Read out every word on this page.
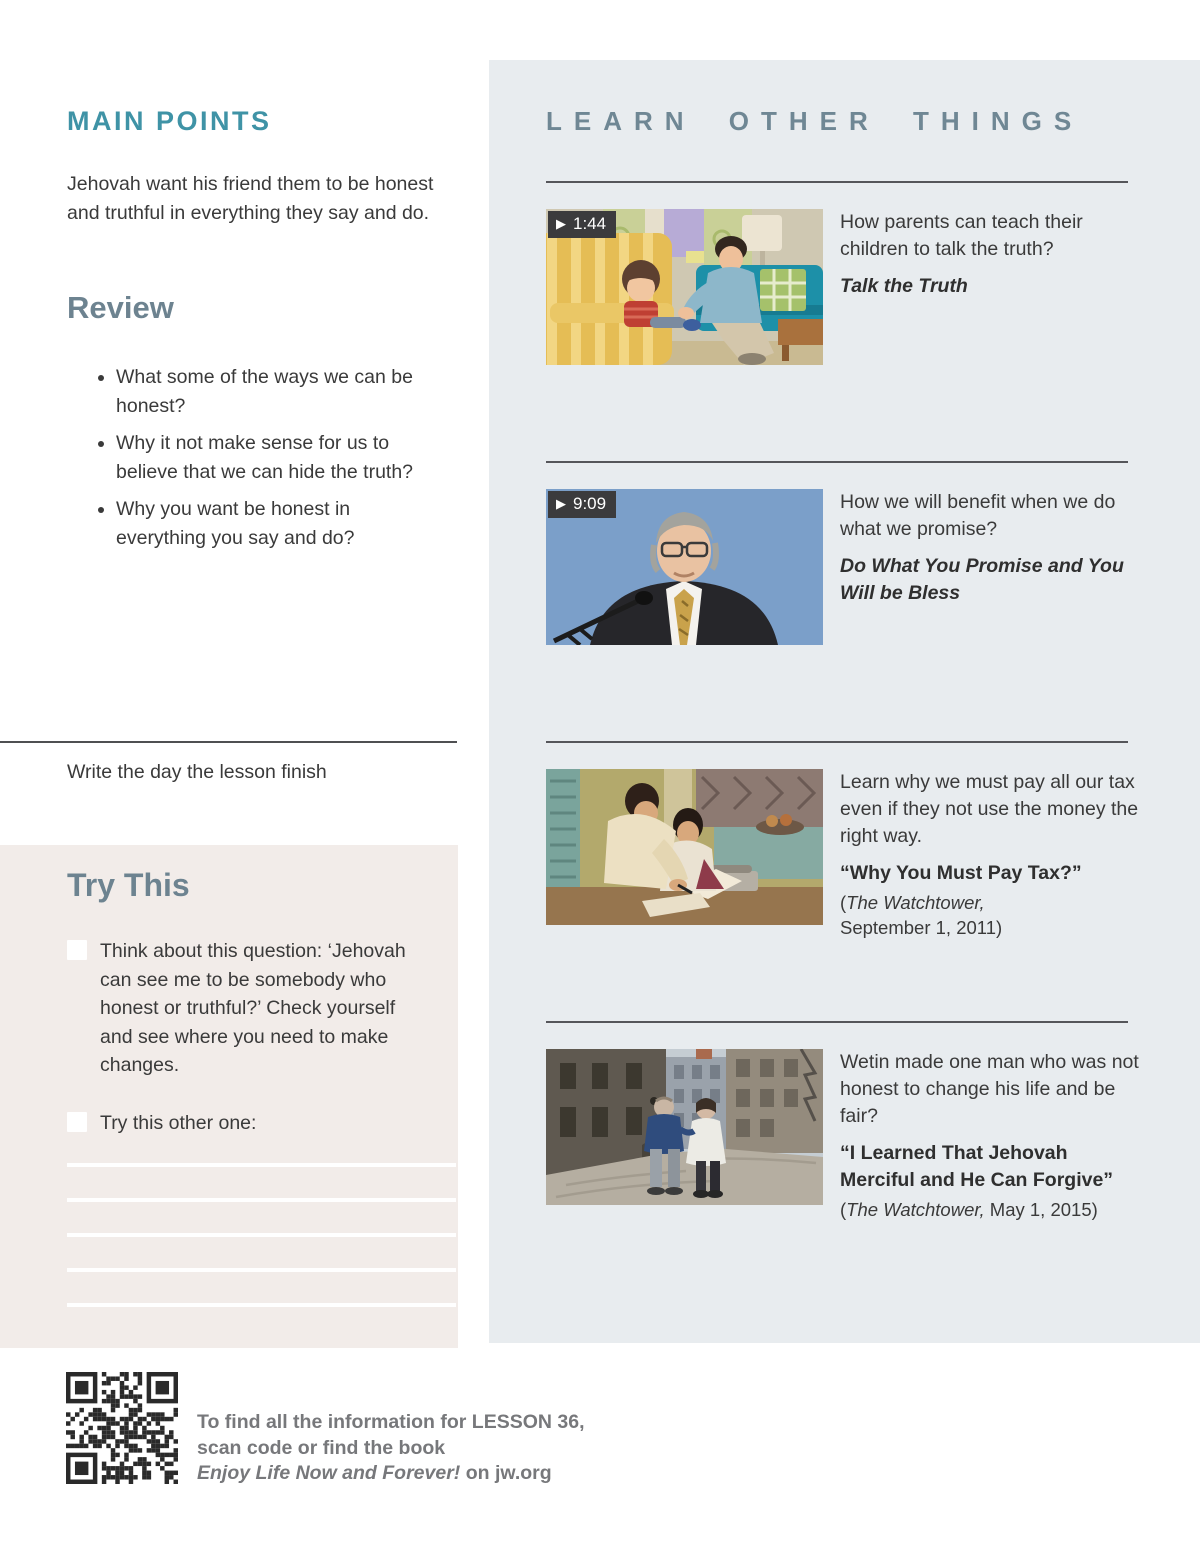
MAIN POINTS

Jehovah want his friend them to be honest and truthful in everything they say and do.

Review
• What some of the ways we can be honest?
• Why it not make sense for us to believe that we can hide the truth?
• Why you want be honest in everything you say and do?

Write the day the lesson finish

Try This

Think about this question: ‘Jehovah can see me to be somebody who honest or truthful?’ Check yourself and see where you need to make changes.

Try this other one:

To find all the information for LESSON 36,
scan code or find the book
Enjoy Life Now and Forever! on jw.org

LEARN OTHER THINGS
▶ 1:44	How parents can teach their children to talk the truth?

Talk the Truth

▶ 9:09	How we will benefit when we do what we promise?

Do What You Promise and You Will be Bless

Learn why we must pay all our tax even if they not use the money the right way.

“Why You Must Pay Tax?”

(The Watchtower,
September 1, 2011)

Wetin made one man who was not honest to change his life and be fair?

“I Learned That Jehovah Merciful and He Can Forgive”

(The Watchtower, May 1, 2015)
